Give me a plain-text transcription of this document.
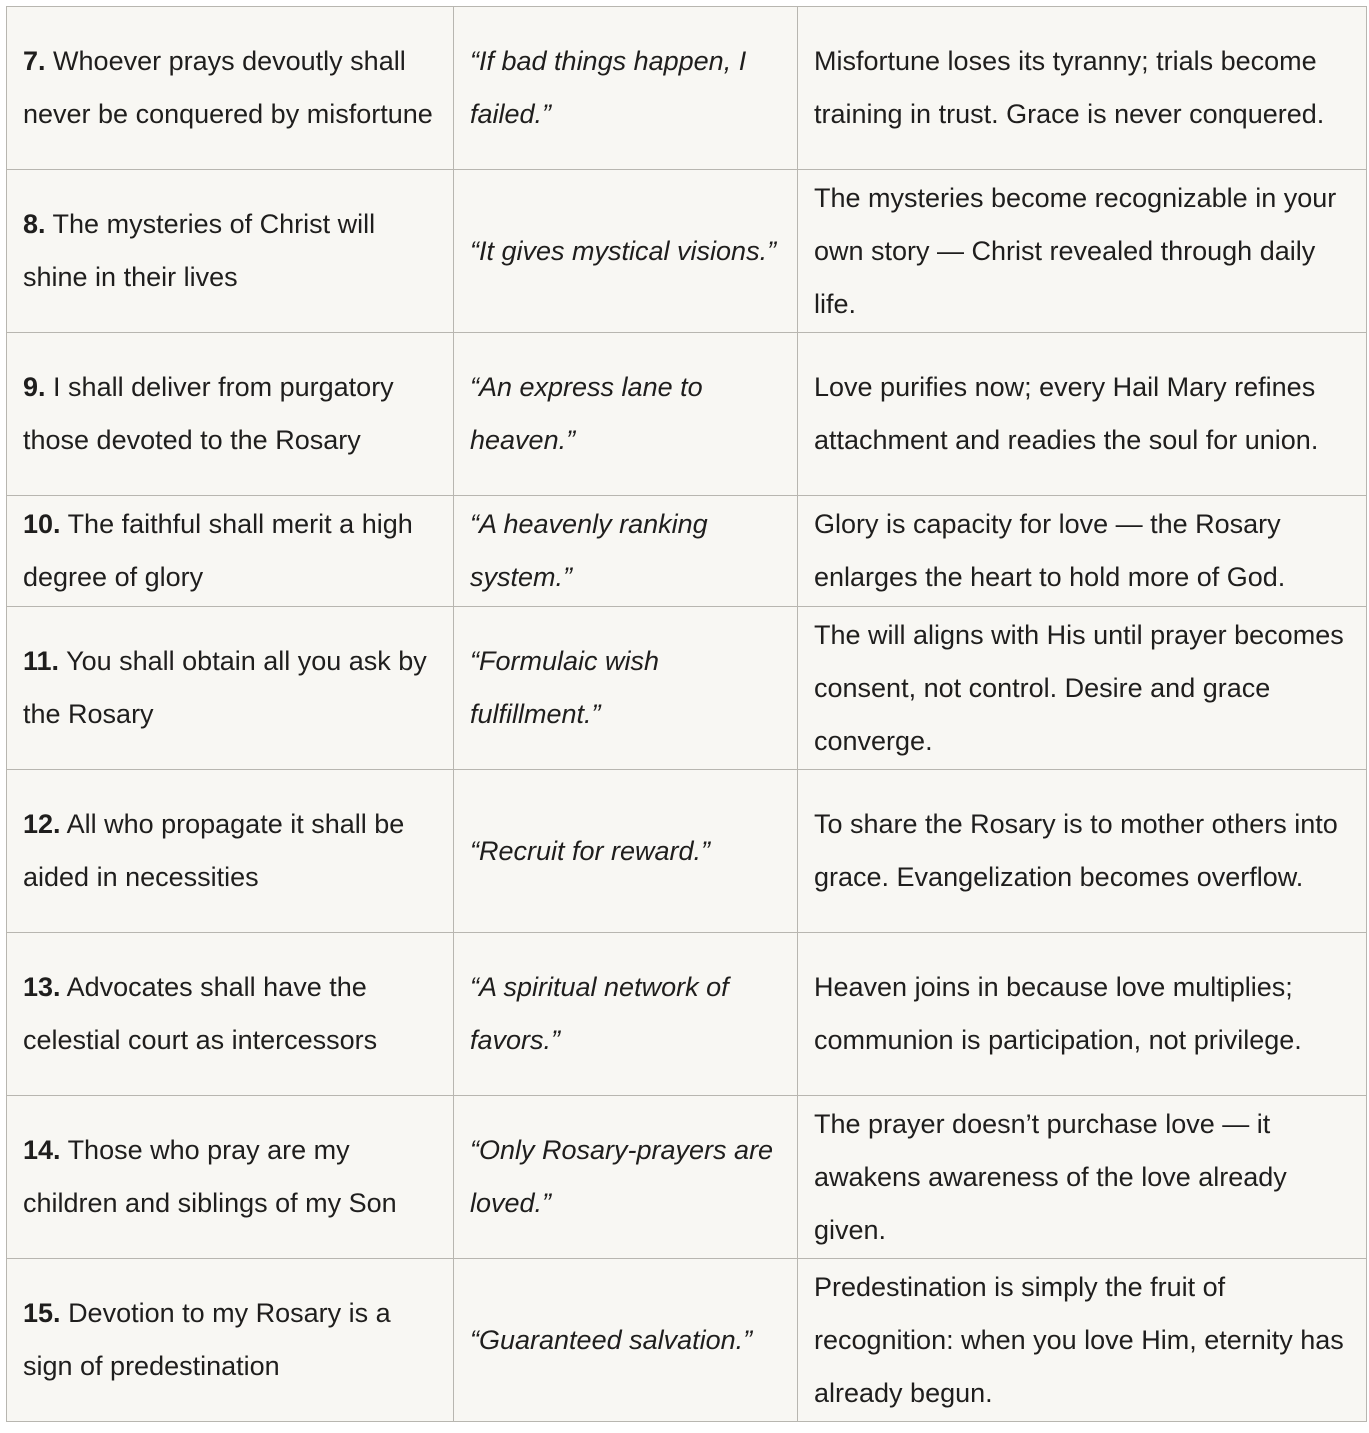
7. Whoever prays devoutly shall never be conquered by misfortune	“If bad things happen, I failed.”	Misfortune loses its tyranny; trials become training in trust. Grace is never conquered.
8. The mysteries of Christ will shine in their lives	“It gives mystical visions.”	The mysteries become recognizable in your own story — Christ revealed through daily life.
9. I shall deliver from purgatory those devoted to the Rosary	“An express lane to heaven.”	Love purifies now; every Hail Mary refines attachment and readies the soul for union.
10. The faithful shall merit a high degree of glory	“A heavenly ranking system.”	Glory is capacity for love — the Rosary enlarges the heart to hold more of God.
11. You shall obtain all you ask by the Rosary	“Formulaic wish fulfillment.”	The will aligns with His until prayer becomes consent, not control. Desire and grace converge.
12. All who propagate it shall be aided in necessities	“Recruit for reward.”	To share the Rosary is to mother others into grace. Evangelization becomes overflow.
13. Advocates shall have the celestial court as intercessors	“A spiritual network of favors.”	Heaven joins in because love multiplies; communion is participation, not privilege.
14. Those who pray are my children and siblings of my Son	“Only Rosary-prayers are loved.”	The prayer doesn’t purchase love — it awakens awareness of the love already given.
15. Devotion to my Rosary is a sign of predestination	“Guaranteed salvation.”	Predestination is simply the fruit of recognition: when you love Him, eternity has already begun.
